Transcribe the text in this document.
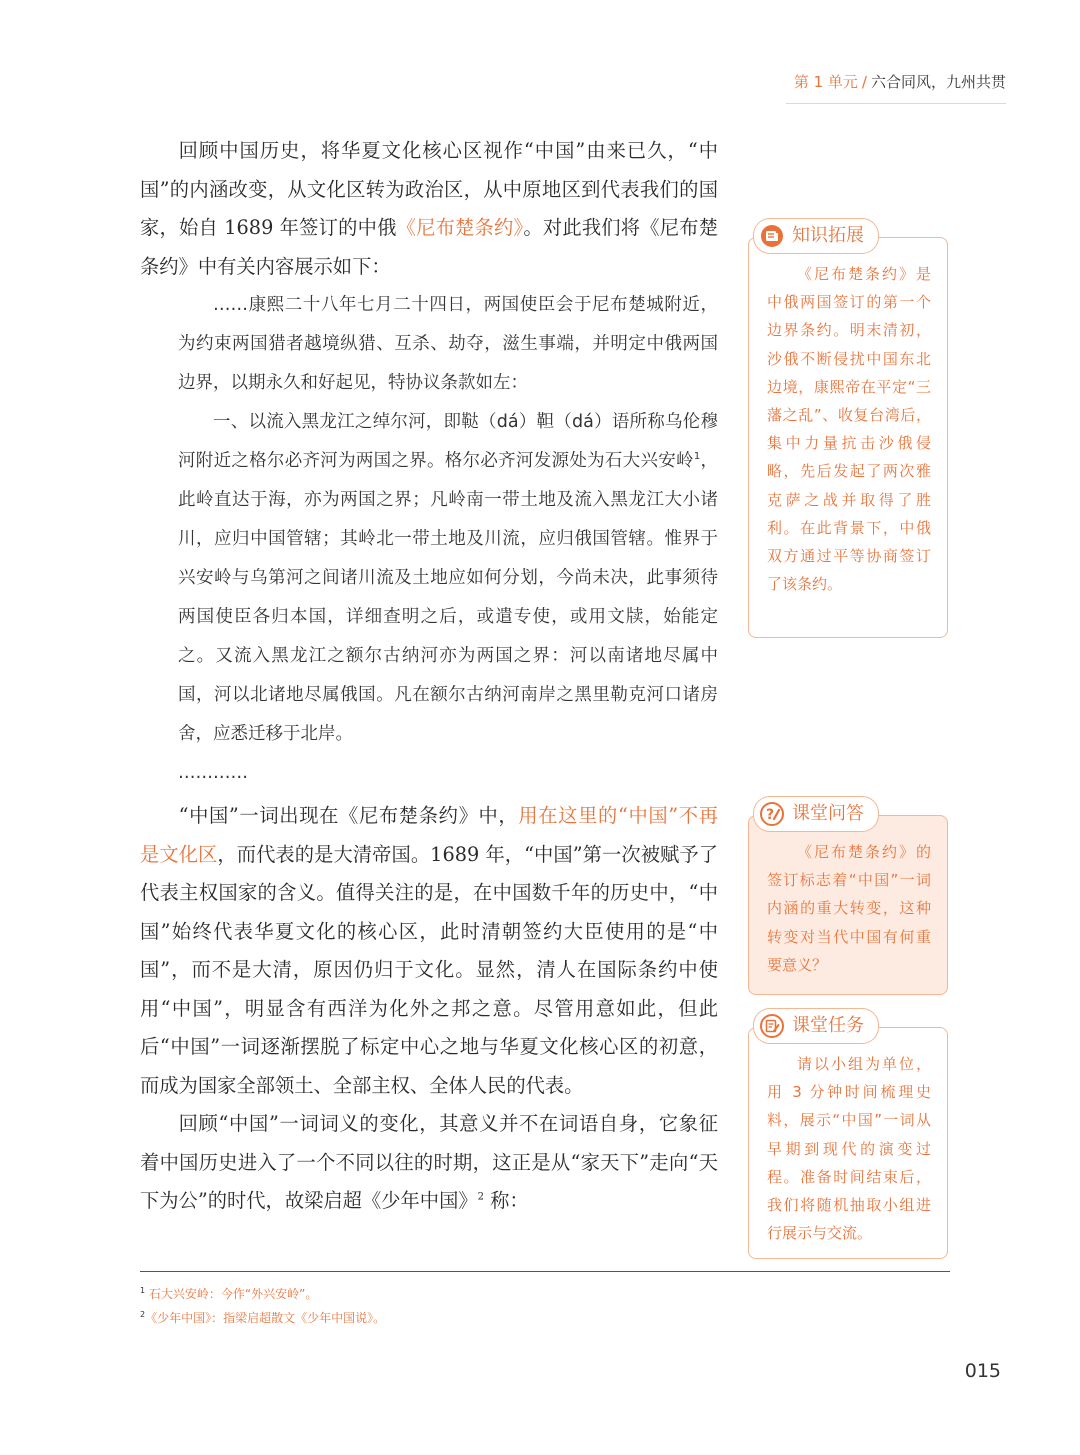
第 1 单元 / 六合同风，九州共贯

回顾中国历史，将华夏文化核心区视作“中国”由来已久，“中国”的内涵改变，从文化区转为政治区，从中原地区到代表我们的国家，始自 1689 年签订的中俄《尼布楚条约》。对此我们将《尼布楚条约》中有关内容展示如下：

……康熙二十八年七月二十四日，两国使臣会于尼布楚城附近，为约束两国猎者越境纵猎、互杀、劫夺，滋生事端，并明定中俄两国边界，以期永久和好起见，特协议条款如左：

一、以流入黑龙江之绰尔河，即鞑（dá）靼（dá）语所称乌伦穆河附近之格尔必齐河为两国之界。格尔必齐河发源处为石大兴安岭$^1$，此岭直达于海，亦为两国之界；凡岭南一带土地及流入黑龙江大小诸川，应归中国管辖；其岭北一带土地及川流，应归俄国管辖。惟界于兴安岭与乌第河之间诸川流及土地应如何分划，今尚未决，此事须待两国使臣各归本国，详细查明之后，或遣专使，或用文牍，始能定之。又流入黑龙江之额尔古纳河亦为两国之界：河以南诸地尽属中国，河以北诸地尽属俄国。凡在额尔古纳河南岸之黑里勒克河口诸房舍，应悉迁移于北岸。

…………

“中国”一词出现在《尼布楚条约》中，用在这里的“中国”不再是文化区，而代表的是大清帝国。1689 年，“中国”第一次被赋予了代表主权国家的含义。值得关注的是，在中国数千年的历史中，“中国”始终代表华夏文化的核心区，此时清朝签约大臣使用的是“中国”，而不是大清，原因仍归于文化。显然，清人在国际条约中使用“中国”，明显含有西洋为化外之邦之意。尽管用意如此，但此后“中国”一词逐渐摆脱了标定中心之地与华夏文化核心区的初意，而成为国家全部领土、全部主权、全体人民的代表。

回顾“中国”一词词义的变化，其意义并不在词语自身，它象征着中国历史进入了一个不同以往的时期，这正是从“家天下”走向“天下为公”的时代，故梁启超《少年中国》$^2$ 称：

知识拓展
《尼布楚条约》是中俄两国签订的第一个边界条约。明末清初，沙俄不断侵扰中国东北边境，康熙帝在平定“三藩之乱”、收复台湾后，集中力量抗击沙俄侵略，先后发起了两次雅克萨之战并取得了胜利。在此背景下，中俄双方通过平等协商签订了该条约。
? 课堂问答
《尼布楚条约》的签订标志着“中国”一词内涵的重大转变，这种转变对当代中国有何重要意义？
课堂任务
请以小组为单位，用 3 分钟时间梳理史料，展示“中国”一词从早期到现代的演变过程。准备时间结束后，我们将随机抽取小组进行展示与交流。
$^1$ 石大兴安岭：今作“外兴安岭”。
$^2$《少年中国》：指梁启超散文《少年中国说》。
015
